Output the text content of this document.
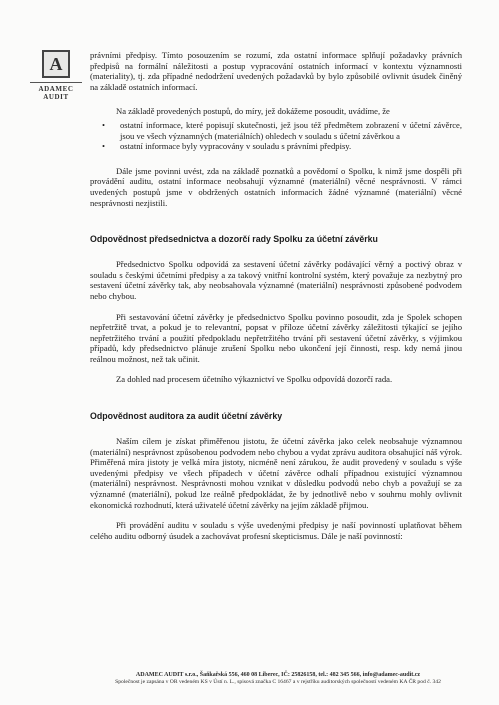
A
ADAMEC
AUDIT

právními předpisy. Tímto posouzením se rozumí, zda ostatní informace splňují požadavky právních předpisů na formální náležitosti a postup vypracování ostatních informací v kontextu významnosti (materiality), tj. zda případné nedodržení uvedených požadavků by bylo způsobilé ovlivnit úsudek činěný na základě ostatních informací.

Na základě provedených postupů, do míry, jež dokážeme posoudit, uvádíme, že

• ostatní informace, které popisují skutečnosti, jež jsou též předmětem zobrazení v účetní závěrce, jsou ve všech významných (materiálních) ohledech v souladu s účetní závěrkou a
• ostatní informace byly vypracovány v souladu s právními předpisy.

Dále jsme povinni uvést, zda na základě poznatků a povědomí o Spolku, k nimž jsme dospěli při provádění auditu, ostatní informace neobsahují významné (materiální) věcné nesprávnosti. V rámci uvedených postupů jsme v obdržených ostatních informacích žádné významné (materiální) věcné nesprávnosti nezjistili.

Odpovědnost předsednictva a dozorčí rady Spolku za účetní závěrku

Předsednictvo Spolku odpovídá za sestavení účetní závěrky podávající věrný a poctivý obraz v souladu s českými účetními předpisy a za takový vnitřní kontrolní systém, který považuje za nezbytný pro sestavení účetní závěrky tak, aby neobsahovala významné (materiální) nesprávnosti způsobené podvodem nebo chybou.

Při sestavování účetní závěrky je předsednictvo Spolku povinno posoudit, zda je Spolek schopen nepřetržitě trvat, a pokud je to relevantní, popsat v příloze účetní závěrky záležitosti týkající se jejího nepřetržitého trvání a použití předpokladu nepřetržitého trvání při sestavení účetní závěrky, s výjimkou případů, kdy předsednictvo plánuje zrušení Spolku nebo ukončení její činnosti, resp. kdy nemá jinou reálnou možnost, než tak učinit.

Za dohled nad procesem účetního výkaznictví ve Spolku odpovídá dozorčí rada.

Odpovědnost auditora za audit účetní závěrky

Naším cílem je získat přiměřenou jistotu, že účetní závěrka jako celek neobsahuje významnou (materiální) nesprávnost způsobenou podvodem nebo chybou a vydat zprávu auditora obsahující náš výrok. Přiměřená míra jistoty je velká míra jistoty, nicméně není zárukou, že audit provedený v souladu s výše uvedenými předpisy ve všech případech v účetní závěrce odhalí případnou existující významnou (materiální) nesprávnost. Nesprávnosti mohou vznikat v důsledku podvodů nebo chyb a považují se za významné (materiální), pokud lze reálně předpokládat, že by jednotlivě nebo v souhrnu mohly ovlivnit ekonomická rozhodnutí, která uživatelé účetní závěrky na jejím základě přijmou.

Při provádění auditu v souladu s výše uvedenými předpisy je naší povinností uplatňovat během celého auditu odborný úsudek a zachovávat profesní skepticismus. Dále je naší povinností:

ADAMEC AUDIT s.r.o., Šaňkařská 556, 460 08 Liberec, IČ: 25826158, tel.: 482 345 566, info@adamec-audit.cz
Společnost je zapsána v OR vedeném KS v Ústí n. L., spisová značka C 16467 a v rejstříku auditorských společností vedeném KA ČR pod č. 342
